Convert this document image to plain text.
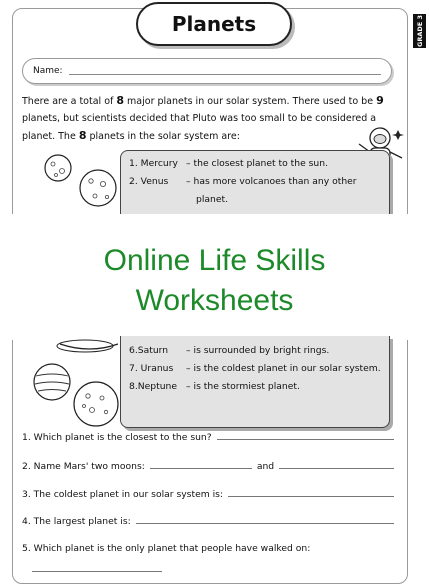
Planets	GRADE 3
Name:
There are a total of 8 major planets in our solar system. There used to be 9 planets, but scientists decided that Pluto was too small to be considered a planet. The 8 planets in the solar system are:
1. Mercury – the closest planet to the sun.
2. Venus	– has more volcanoes than any other planet.
Online Life Skills
Worksheets
6.Saturn	– is surrounded by bright rings.
7. Uranus	– is the coldest planet in our solar system.
8.Neptune – is the stormiest planet.
1. Which planet is the closest to the sun?
2. Name Mars' two moons:	and
3. The coldest planet in our solar system is:
4. The largest planet is:
5. Which planet is the only planet that people have walked on:
